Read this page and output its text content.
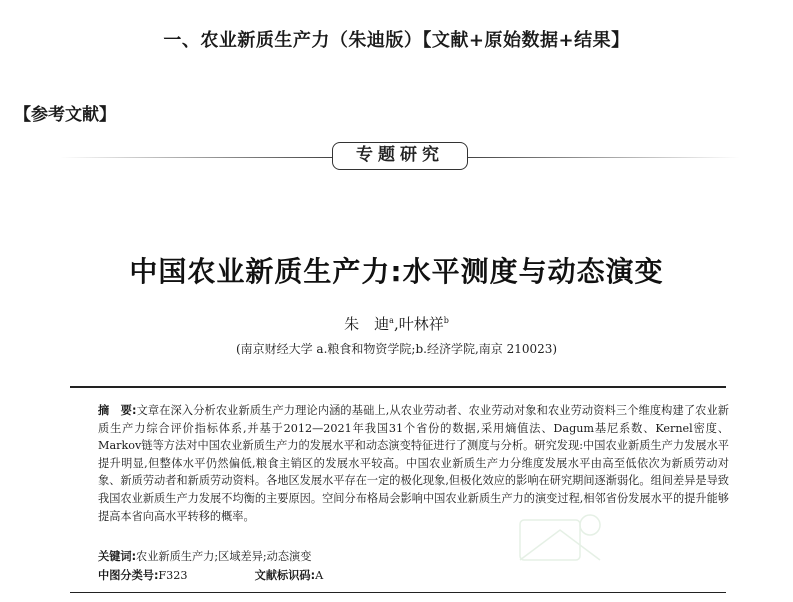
一、农业新质生产力（朱迪版）【文献+原始数据+结果】
【参考文献】
专题研究
中国农业新质生产力:水平测度与动态演变
朱　迪$^a$,叶林祥$^b$
(南京财经大学 a.粮食和物资学院;b.经济学院,南京 210023)
摘　要:文章在深入分析农业新质生产力理论内涵的基础上,从农业劳动者、农业劳动对象和农业劳动资料三个维度构建了农业新质生产力综合评价指标体系,并基于2012—2021年我国31个省份的数据,采用熵值法、Dagum基尼系数、Kernel密度、Markov链等方法对中国农业新质生产力的发展水平和动态演变特征进行了测度与分析。研究发现:中国农业新质生产力发展水平提升明显,但整体水平仍然偏低,粮食主销区的发展水平较高。中国农业新质生产力分维度发展水平由高至低依次为新质劳动对象、新质劳动者和新质劳动资料。各地区发展水平存在一定的极化现象,但极化效应的影响在研究期间逐渐弱化。组间差异是导致我国农业新质生产力发展不均衡的主要原因。空间分布格局会影响中国农业新质生产力的演变过程,相邻省份发展水平的提升能够提高本省向高水平转移的概率。
关键词:农业新质生产力;区域差异;动态演变
中图分类号:F323	文献标识码:A
